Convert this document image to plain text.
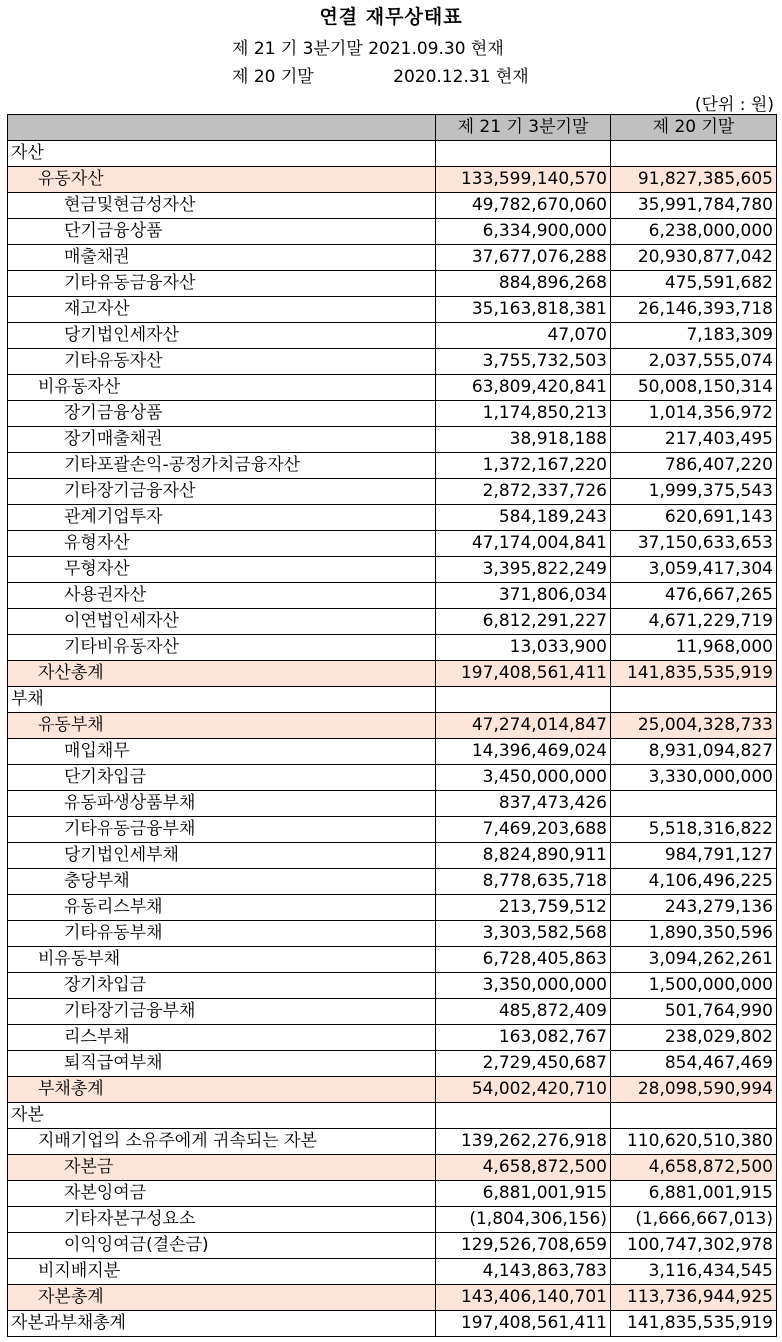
연결 재무상태표
제 21 기 3분기말 2021.09.30 현재
제 20 기말	2020.12.31 현재
(단위 : 원)
	제 21 기 3분기말	제 20 기말
자산		
유동자산	133,599,140,570	91,827,385,605
현금및현금성자산	49,782,670,060	35,991,784,780
단기금융상품	6,334,900,000	6,238,000,000
매출채권	37,677,076,288	20,930,877,042
기타유동금융자산	884,896,268	475,591,682
재고자산	35,163,818,381	26,146,393,718
당기법인세자산	47,070	7,183,309
기타유동자산	3,755,732,503	2,037,555,074
비유동자산	63,809,420,841	50,008,150,314
장기금융상품	1,174,850,213	1,014,356,972
장기매출채권	38,918,188	217,403,495
기타포괄손익-공정가치금융자산	1,372,167,220	786,407,220
기타장기금융자산	2,872,337,726	1,999,375,543
관계기업투자	584,189,243	620,691,143
유형자산	47,174,004,841	37,150,633,653
무형자산	3,395,822,249	3,059,417,304
사용권자산	371,806,034	476,667,265
이연법인세자산	6,812,291,227	4,671,229,719
기타비유동자산	13,033,900	11,968,000
자산총계	197,408,561,411	141,835,535,919
부채		
유동부채	47,274,014,847	25,004,328,733
매입채무	14,396,469,024	8,931,094,827
단기차입금	3,450,000,000	3,330,000,000
유동파생상품부채	837,473,426	
기타유동금융부채	7,469,203,688	5,518,316,822
당기법인세부채	8,824,890,911	984,791,127
충당부채	8,778,635,718	4,106,496,225
유동리스부채	213,759,512	243,279,136
기타유동부채	3,303,582,568	1,890,350,596
비유동부채	6,728,405,863	3,094,262,261
장기차입금	3,350,000,000	1,500,000,000
기타장기금융부채	485,872,409	501,764,990
리스부채	163,082,767	238,029,802
퇴직급여부채	2,729,450,687	854,467,469
부채총계	54,002,420,710	28,098,590,994
자본		
지배기업의 소유주에게 귀속되는 자본	139,262,276,918	110,620,510,380
자본금	4,658,872,500	4,658,872,500
자본잉여금	6,881,001,915	6,881,001,915
기타자본구성요소	(1,804,306,156)	(1,666,667,013)
이익잉여금(결손금)	129,526,708,659	100,747,302,978
비지배지분	4,143,863,783	3,116,434,545
자본총계	143,406,140,701	113,736,944,925
자본과부채총계	197,408,561,411	141,835,535,919
